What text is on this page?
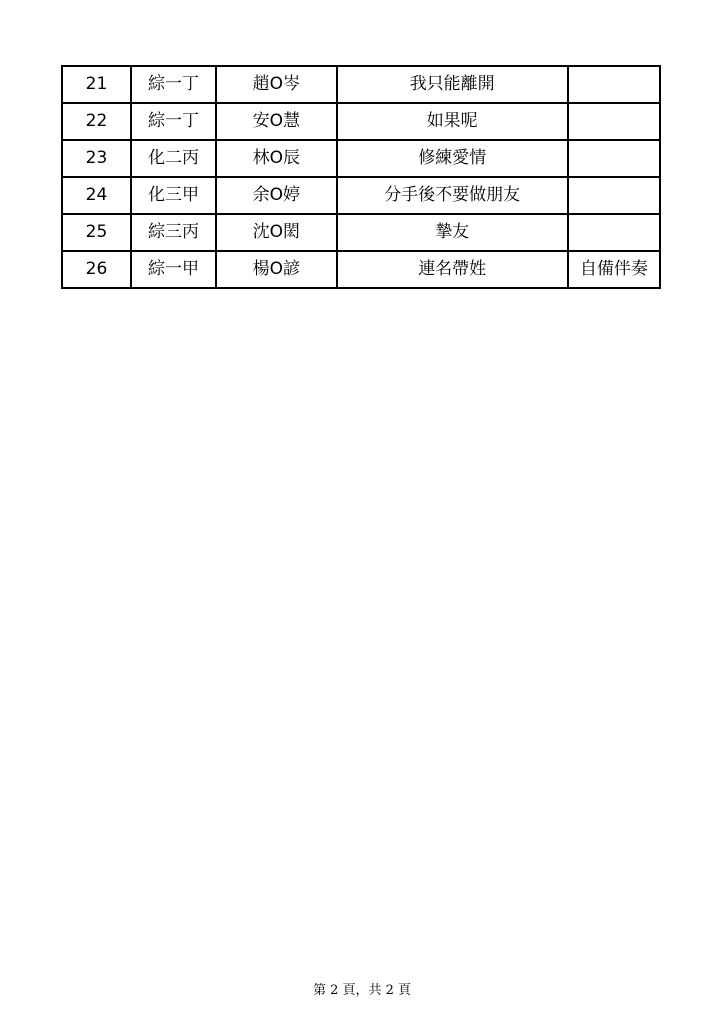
21	綜一丁	趙O岑	我只能離開	
22	綜一丁	安O慧	如果呢	
23	化二丙	林O辰	修練愛情	
24	化三甲	余O婷	分手後不要做朋友	
25	綜三丙	沈O閎	摯友	
26	綜一甲	楊O諺	連名帶姓	自備伴奏
第 2 頁，共 2 頁
